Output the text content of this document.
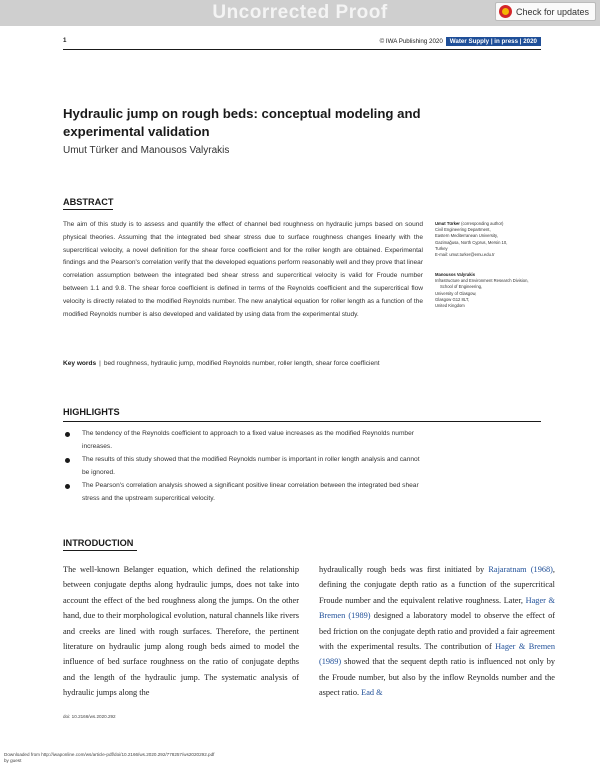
Uncorrected Proof	Check for updates
1	© IWA Publishing 2020	Water Supply | in press | 2020
Hydraulic jump on rough beds: conceptual modeling and experimental validation
Umut Türker and Manousos Valyrakis
ABSTRACT

The aim of this study is to assess and quantify the effect of channel bed roughness on hydraulic jumps based on sound physical theories. Assuming that the integrated bed shear stress due to surface roughness changes linearly with the supercritical velocity, a novel definition for the shear force coefficient and for the roller length are obtained. Experimental findings and the Pearson's correlation verify that the developed equations perform reasonably well and they prove that linear correlation assumption between the integrated bed shear stress and supercritical velocity is valid for Froude number between 1.1 and 9.8. The shear force coefficient is defined in terms of the Reynolds coefficient and the supercritical flow velocity is directly related to the modified Reynolds number. The new analytical equation for roller length as a function of the modified Reynolds number is also developed and validated by using data from the experimental study.

Key words | bed roughness, hydraulic jump, modified Reynolds number, roller length, shear force coefficient
Umut Türker (corresponding author)
Civil Engineering Department,
Eastern Mediterranean University,
Gazimağusa, North Cyprus, Mersin 10,
Turkey
E-mail: umut.turker@emu.edu.tr
Manousos Valyrakis
Infrastructure and Environment Research Division,
School of Engineering,
University of Glasgow,
Glasgow G12 8LT,
United Kingdom
HIGHLIGHTS
The tendency of the Reynolds coefficient to approach to a fixed value increases as the modified Reynolds number increases.
The results of this study showed that the modified Reynolds number is important in roller length analysis and cannot be ignored.
The Pearson's correlation analysis showed a significant positive linear correlation between the integrated bed shear stress and the upstream supercritical velocity.
INTRODUCTION

The well-known Belanger equation, which defined the relationship between conjugate depths along hydraulic jumps, does not take into account the effect of the bed roughness along the jumps. On the other hand, due to their morphological evolution, natural channels like rivers and creeks are lined with rough surfaces. Therefore, the pertinent literature on hydraulic jump along rough beds aimed to model the influence of bed surface roughness on the ratio of conjugate depths and the length of the hydraulic jump. The systematic analysis of hydraulic jumps along the

hydraulically rough beds was first initiated by Rajaratnam (1968), defining the conjugate depth ratio as a function of the supercritical Froude number and the equivalent relative roughness. Later, Hager & Bremen (1989) designed a laboratory model to observe the effect of bed friction on the conjugate depth ratio and provided a fair agreement with the experimental results. The contribution of Hager & Bremen (1989) showed that the sequent depth ratio is influenced not only by the Froude number, but also by the inflow Reynolds number and the aspect ratio. Ead &

doi: 10.2166/ws.2020.292
Downloaded from http://iwaponline.com/ws/article-pdf/doi/10.2166/ws.2020.292/778257/ws2020292.pdf
by guest
